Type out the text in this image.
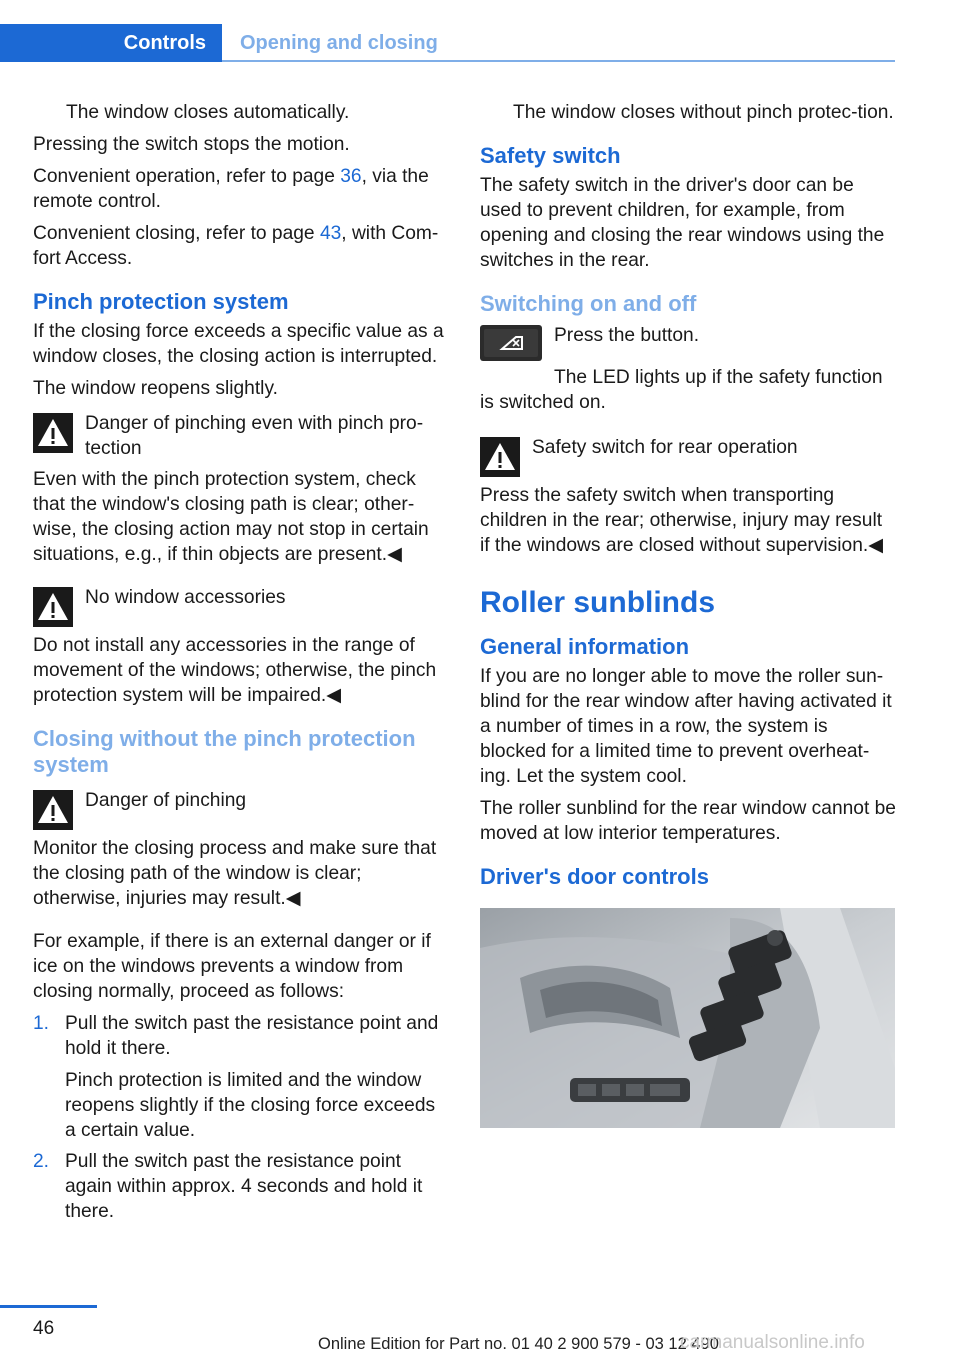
Controls	Opening and closing

The window closes automatically.

Pressing the switch stops the motion.

Convenient operation, refer to page 36, via the remote control.

Convenient closing, refer to page 43, with Com-fort Access.

Pinch protection system

If the closing force exceeds a specific value as a window closes, the closing action is interrupted.

The window reopens slightly.

Danger of pinching even with pinch pro-tection

Even with the pinch protection system, check that the window's closing path is clear; other-wise, the closing action may not stop in certain situations, e.g., if thin objects are present.◀

No window accessories

Do not install any accessories in the range of movement of the windows; otherwise, the pinch protection system will be impaired.◀

Closing without the pinch protection system
Danger of pinching

Monitor the closing process and make sure that the closing path of the window is clear; otherwise, injuries may result.◀

For example, if there is an external danger or if ice on the windows prevents a window from closing normally, proceed as follows:

1. Pull the switch past the resistance point and hold it there.
Pinch protection is limited and the window reopens slightly if the closing force exceeds a certain value.
2. Pull the switch past the resistance point again within approx. 4 seconds and hold it there.

The window closes without pinch protec-tion.

Safety switch

The safety switch in the driver's door can be used to prevent children, for example, from opening and closing the rear windows using the switches in the rear.

Switching on and off
Press the button.

The LED lights up if the safety function is switched on.

Safety switch for rear operation

Press the safety switch when transporting children in the rear; otherwise, injury may result if the windows are closed without supervision.◀

Roller sunblinds
General information

If you are no longer able to move the roller sun-blind for the rear window after having activated it a number of times in a row, the system is blocked for a limited time to prevent overheat-ing. Let the system cool.

The roller sunblind for the rear window cannot be moved at low interior temperatures.

Driver's door controls
46
Online Edition for Part no. 01 40 2 900 579 - 03 12 490
carmanualsonline.info
